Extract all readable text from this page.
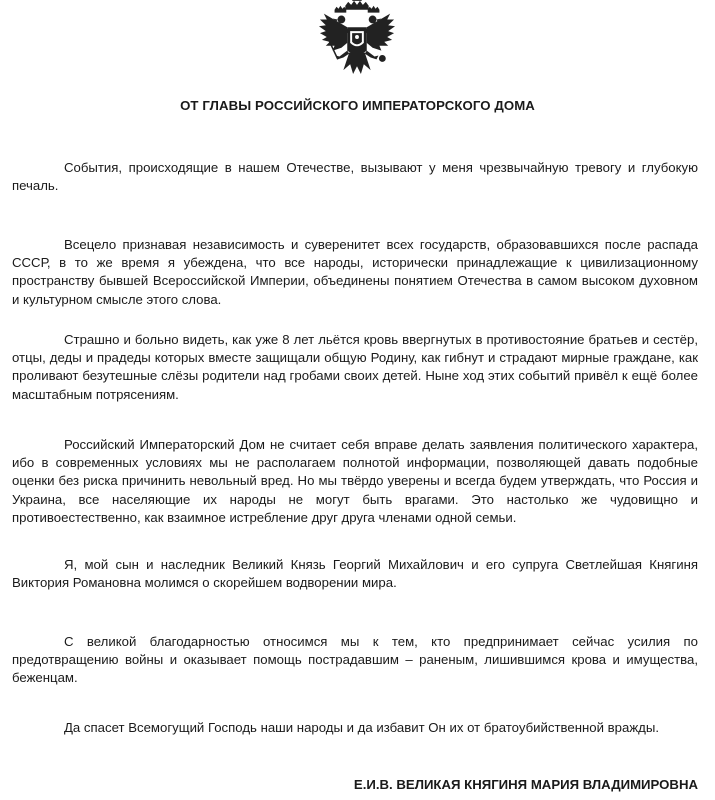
ОТ ГЛАВЫ РОССИЙСКОГО ИМПЕРАТОРСКОГО ДОМА

События, происходящие в нашем Отечестве, вызывают у меня чрезвычайную тревогу и глубокую печаль.

Всецело признавая независимость и суверенитет всех государств, образовавшихся после распада СССР, в то же время я убеждена, что все народы, исторически принадлежащие к цивилизационному пространству бывшей Всероссийской Империи, объединены понятием Отечества в самом высоком духовном и культурном смысле этого слова.

Страшно и больно видеть, как уже 8 лет льётся кровь ввергнутых в противостояние братьев и сестёр, отцы, деды и прадеды которых вместе защищали общую Родину, как гибнут и страдают мирные граждане, как проливают безутешные слёзы родители над гробами своих детей. Ныне ход этих событий привёл к ещё более масштабным потрясениям.

Российский Императорский Дом не считает себя вправе делать заявления политического характера, ибо в современных условиях мы не располагаем полнотой информации, позволяющей давать подобные оценки без риска причинить невольный вред. Но мы твёрдо уверены и всегда будем утверждать, что Россия и Украина, все населяющие их народы не могут быть врагами. Это настолько же чудовищно и противоестественно, как взаимное истребление друг друга членами одной семьи.

Я, мой сын и наследник Великий Князь Георгий Михайлович и его супруга Светлейшая Княгиня Виктория Романовна молимся о скорейшем водворении мира.

С великой благодарностью относимся мы к тем, кто предпринимает сейчас усилия по предотвращению войны и оказывает помощь пострадавшим – раненым, лишившимся крова и имущества, беженцам.

Да спасет Всемогущий Господь наши народы и да избавит Он их от братоубийственной вражды.

Е.И.В. ВЕЛИКАЯ КНЯГИНЯ МАРИЯ ВЛАДИМИРОВНА
